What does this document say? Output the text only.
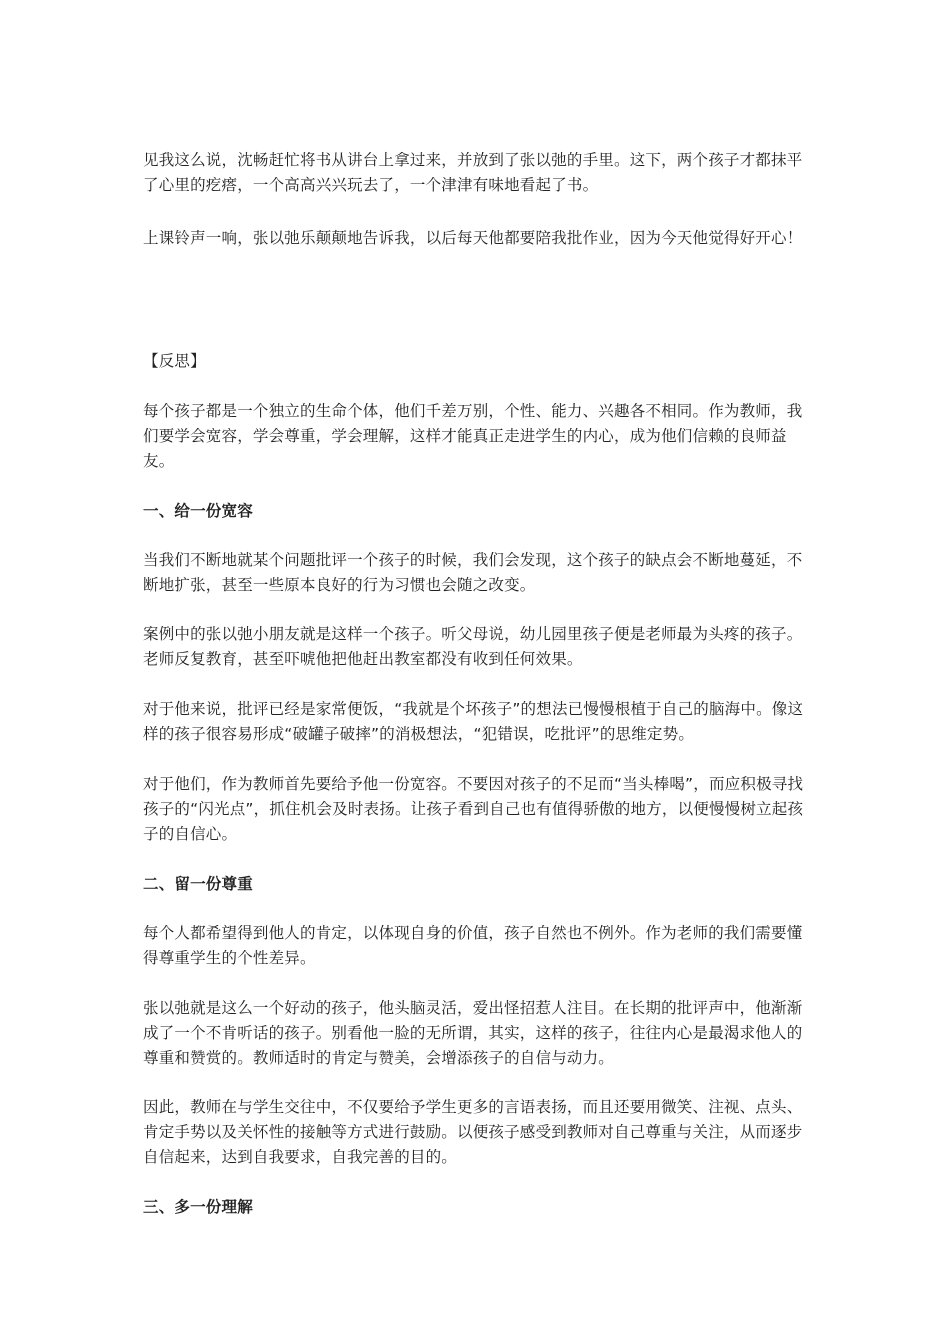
见我这么说，沈畅赶忙将书从讲台上拿过来，并放到了张以弛的手里。这下，两个孩子才都抹平了心里的疙瘩，一个高高兴兴玩去了，一个津津有味地看起了书。

上课铃声一响，张以弛乐颠颠地告诉我，以后每天他都要陪我批作业，因为今天他觉得好开心！

【反思】

每个孩子都是一个独立的生命个体，他们千差万别，个性、能力、兴趣各不相同。作为教师，我们要学会宽容，学会尊重，学会理解，这样才能真正走进学生的内心，成为他们信赖的良师益友。

一、给一份宽容

当我们不断地就某个问题批评一个孩子的时候，我们会发现，这个孩子的缺点会不断地蔓延，不断地扩张，甚至一些原本良好的行为习惯也会随之改变。

案例中的张以弛小朋友就是这样一个孩子。听父母说，幼儿园里孩子便是老师最为头疼的孩子。老师反复教育，甚至吓唬他把他赶出教室都没有收到任何效果。

对于他来说，批评已经是家常便饭，“我就是个坏孩子”的想法已慢慢根植于自己的脑海中。像这样的孩子很容易形成“破罐子破摔”的消极想法，“犯错误，吃批评”的思维定势。

对于他们，作为教师首先要给予他一份宽容。不要因对孩子的不足而“当头棒喝”，而应积极寻找孩子的“闪光点”，抓住机会及时表扬。让孩子看到自己也有值得骄傲的地方，以便慢慢树立起孩子的自信心。

二、留一份尊重

每个人都希望得到他人的肯定，以体现自身的价值，孩子自然也不例外。作为老师的我们需要懂得尊重学生的个性差异。

张以弛就是这么一个好动的孩子，他头脑灵活，爱出怪招惹人注目。在长期的批评声中，他渐渐成了一个不肯听话的孩子。别看他一脸的无所谓，其实，这样的孩子，往往内心是最渴求他人的尊重和赞赏的。教师适时的肯定与赞美，会增添孩子的自信与动力。

因此，教师在与学生交往中，不仅要给予学生更多的言语表扬，而且还要用微笑、注视、点头、肯定手势以及关怀性的接触等方式进行鼓励。以便孩子感受到教师对自己尊重与关注，从而逐步自信起来，达到自我要求，自我完善的目的。

三、多一份理解
